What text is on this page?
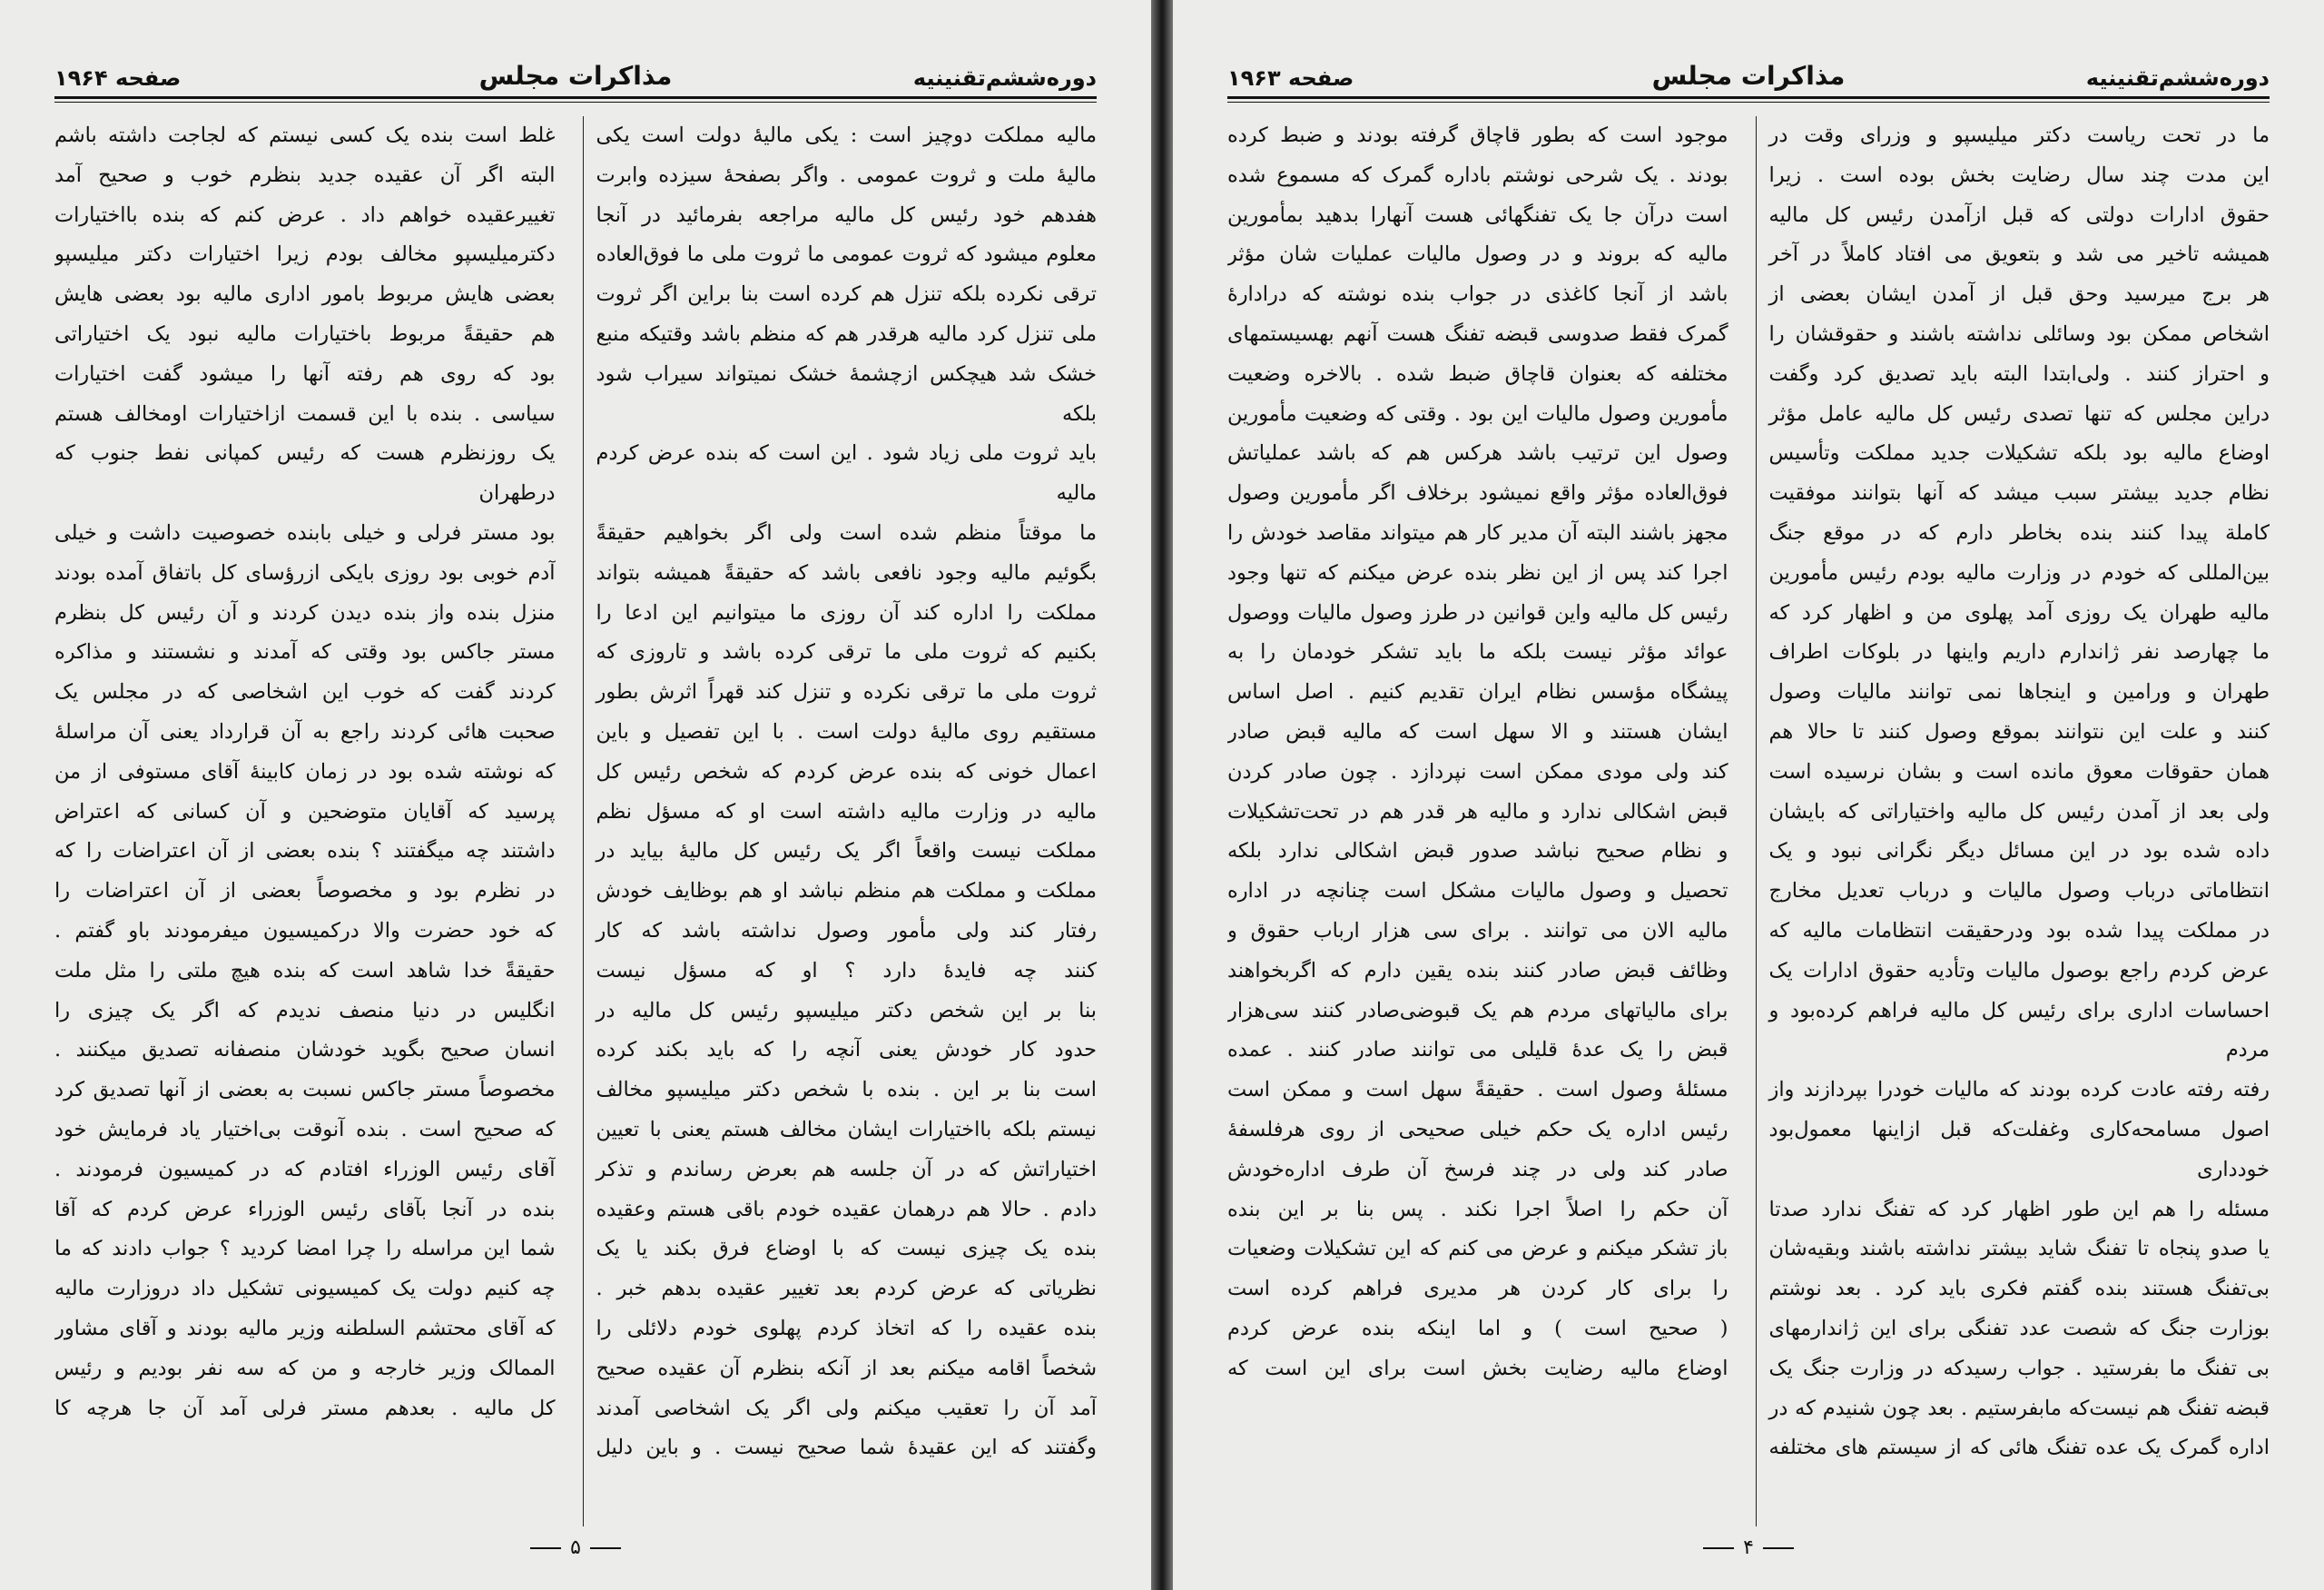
دوره‌ششم‌تقنینیه
مذاکرات مجلس
صفحه ۱۹۶۴

مالیه مملکت دوچیز است : یکی مالیهٔ دولت است یکی

مالیهٔ ملت و ثروت عمومی . واگر بصفحهٔ سیزده وابرت

هفدهم خود رئیس کل مالیه مراجعه بفرمائید در آنجا

معلوم میشود که ثروت عمومی ما ثروت ملی ما فوق‌العاده

ترقی نکرده بلکه تنزل هم کرده است بنا براین اگر ثروت

ملی تنزل کرد مالیه هرقدر هم که منظم باشد وقتیکه منبع

خشک شد هیچکس ازچشمهٔ خشک نمیتواند سیراب شود بلکه

باید ثروت ملی زیاد شود . این است که بنده عرض کردم مالیه

ما موقتاً منظم شده است ولی اگر بخواهیم حقیقةً

بگوئیم مالیه وجود نافعی باشد که حقیقةً همیشه بتواند

مملکت را اداره کند آن روزی ما میتوانیم این ادعا را

بکنیم که ثروت ملی ما ترقی کرده باشد و تاروزی که

ثروت ملی ما ترقی نکرده و تنزل کند قهراً اثرش بطور

مستقیم روی مالیهٔ دولت است . با این تفصیل و باین

اعمال خونی که بنده عرض کردم که شخص رئیس کل

مالیه در وزارت مالیه داشته است او که مسؤل نظم

مملکت نیست واقعاً اگر یک رئیس کل مالیهٔ بیاید در

مملکت و مملکت هم منظم نباشد او هم بوظایف خودش

رفتار کند ولی مأمور وصول نداشته باشد که کار

کنند چه فایدهٔ دارد ؟ او که مسؤل نیست

بنا بر این شخص دکتر میلیسپو رئیس کل مالیه در

حدود کار خودش یعنی آنچه را که باید بکند کرده

است بنا بر این . بنده با شخص دکتر میلیسپو مخالف

نیستم بلکه بااختیارات ایشان مخالف هستم یعنی با تعیین

اختیاراتش که در آن جلسه هم بعرض رساندم و تذکر

دادم . حالا هم درهمان عقیده خودم باقی هستم وعقیده

بنده یک چیزی نیست که با اوضاع فرق بکند یا یک

نظریاتی که عرض کردم بعد تغییر عقیده بدهم خبر .

بنده عقیده را که اتخاذ کردم پهلوی خودم دلائلی را

شخصاً اقامه میکنم بعد از آنکه بنظرم آن عقیده صحیح

آمد آن را تعقیب میکنم ولی اگر یک اشخاصی آمدند

وگفتند که این عقیدهٔ شما صحیح نیست . و باین دلیل

غلط است بنده یک کسی نیستم که لجاجت داشته باشم

البته اگر آن عقیده جدید بنظرم خوب و صحیح آمد

تغییرعقیده خواهم داد . عرض کنم که بنده بااختیارات

دکترمیلیسپو مخالف بودم زیرا اختیارات دکتر میلیسپو

بعضی هایش مربوط بامور اداری مالیه بود بعضی هایش

هم حقیقةً مربوط باختیارات مالیه نبود یک اختیاراتی

بود که روی هم رفته آنها را میشود گفت اختیارات

سیاسی . بنده با این قسمت ازاختیارات اومخالف هستم

یک روزنظرم هست که رئیس کمپانی نفط جنوب که درطهران

بود مستر فرلی و خیلی بابنده خصوصیت داشت و خیلی

آدم خوبی بود روزی بایکی ازرؤسای کل باتفاق آمده بودند

منزل بنده واز بنده دیدن کردند و آن رئیس کل بنظرم

مستر جاکس بود وقتی که آمدند و نشستند و مذاکره

کردند گفت که خوب این اشخاصی که در مجلس یک

صحبت هائی کردند راجع به آن قرارداد یعنی آن مراسلهٔ

که نوشته شده بود در زمان کابینهٔ آقای مستوفی از من

پرسید که آقایان متوضحین و آن کسانی که اعتراض

داشتند چه میگفتند ؟ بنده بعضی از آن اعتراضات را که

در نظرم بود و مخصوصاً بعضی از آن اعتراضات را

که خود حضرت والا درکمیسیون میفرمودند باو گفتم .

حقیقةً خدا شاهد است که بنده هیچ ملتی را مثل ملت

انگلیس در دنیا منصف ندیدم که اگر یک چیزی را

انسان صحیح بگوید خودشان منصفانه تصدیق میکنند .

مخصوصاً مستر جاکس نسبت به بعضی از آنها تصدیق کرد

که صحیح است . بنده آنوقت بی‌اختیار یاد فرمایش خود

آقای رئیس الوزراء افتادم که در کمیسیون فرمودند .

بنده در آنجا بآقای رئیس الوزراء عرض کردم که آقا

شما این مراسله را چرا امضا کردید ؟ جواب دادند که ما

چه کنیم دولت یک کمیسیونی تشکیل داد دروزارت مالیه

که آقای محتشم السلطنه وزیر مالیه بودند و آقای مشاور

الممالک وزیر خارجه و من که سه نفر بودیم و رئیس

کل مالیه . بعدهم مستر فرلی آمد آن جا هرچه کا

۵
دوره‌ششم‌تقنینیه
مذاکرات مجلس
صفحه ۱۹۶۳

ما در تحت ریاست دکتر میلیسپو و وزرای وقت در

این مدت چند سال رضایت بخش بوده است . زیرا

حقوق ادارات دولتی که قبل ازآمدن رئیس کل مالیه

همیشه تاخیر می شد و بتعویق می افتاد کاملاً در آخر

هر برج میرسید وحق قبل از آمدن ایشان بعضی از

اشخاص ممکن بود وسائلی نداشته باشند و حقوقشان را

و احتراز کنند . ولی‌ابتدا البته باید تصدیق کرد وگفت

دراین مجلس که تنها تصدی رئیس کل مالیه عامل مؤثر

اوضاع مالیه بود بلکه تشکیلات جدید مملکت وتأسیس

نظام جدید بیشتر سبب میشد که آنها بتوانند موفقیت

کاملة پیدا کنند بنده بخاطر دارم که در موقع جنگ

بین‌المللی که خودم در وزارت مالیه بودم رئیس مأمورین

مالیه طهران یک روزی آمد پهلوی من و اظهار کرد که

ما چهارصد نفر ژاندارم داریم واینها در بلوکات اطراف

طهران و ورامین و اینجاها نمی توانند مالیات وصول

کنند و علت این نتوانند بموقع وصول کنند تا حالا هم

همان حقوقات معوق مانده است و بشان نرسیده است

ولی بعد از آمدن رئیس کل مالیه واختیاراتی که بایشان

داده شده بود در این مسائل دیگر نگرانی نبود و یک

انتظاماتی درباب وصول مالیات و درباب تعدیل مخارج

در مملکت پیدا شده بود ودرحقیقت انتظامات مالیه که

عرض کردم راجع بوصول مالیات وتأدیه حقوق ادارات یک

احساسات اداری برای رئیس کل مالیه فراهم کرده‌بود و مردم

رفته رفته عادت کرده بودند که مالیات خودرا بپردازند واز

اصول مسامحه‌کاری وغفلت‌که قبل ازاینها معمول‌بود خودداری

مسئله را هم این طور اظهار کرد که تفنگ ندارد صدتا

یا صدو پنجاه تا تفنگ شاید بیشتر نداشته باشند وبقیه‌شان

بی‌تفنگ هستند بنده گفتم فکری باید کرد . بعد نوشتم

بوزارت جنگ که شصت عدد تفنگی برای این ژاندارمهای

بی تفنگ ما بفرستید . جواب رسیدکه در وزارت جنگ یک

قبضه تفنگ هم نیست‌که مابفرستیم . بعد چون شنیدم که در

اداره گمرک یک عده تفنگ هائی که از سیستم های مختلفه

موجود است که بطور قاچاق گرفته بودند و ضبط کرده

بودند . یک شرحی نوشتم باداره گمرک که مسموع شده

است درآن جا یک تفنگهائی هست آنهارا بدهید بمأمورین

مالیه که بروند و در وصول مالیات عملیات شان مؤثر

باشد از آنجا کاغذی در جواب بنده نوشته که درادارهٔ

گمرک فقط صدوسی قبضه تفنگ هست آنهم بهسیستمهای

مختلفه که بعنوان قاچاق ضبط شده . بالاخره وضعیت

مأمورین وصول مالیات این بود . وقتی که وضعیت مأمورین

وصول این ترتیب باشد هرکس هم که باشد عملیاتش

فوق‌العاده مؤثر واقع نمیشود برخلاف اگر مأمورین وصول

مجهز باشند البته آن مدیر کار هم میتواند مقاصد خودش را

اجرا کند پس از این نظر بنده عرض میکنم که تنها وجود

رئیس کل مالیه واین قوانین در طرز وصول مالیات ووصول

عوائد مؤثر نیست بلکه ما باید تشکر خودمان را به

پیشگاه مؤسس نظام ایران تقدیم کنیم . اصل اساس

ایشان هستند و الا سهل است که مالیه قبض صادر

کند ولی مودی ممکن است نپردازد . چون صادر کردن

قبض اشکالی ندارد و مالیه هر قدر هم در تحت‌تشکیلات

و نظام صحیح نباشد صدور قبض اشکالی ندارد بلکه

تحصیل و وصول مالیات مشکل است چنانچه در اداره

مالیه الان می توانند . برای سی هزار ارباب حقوق و

وظائف قبض صادر کنند بنده یقین دارم که اگربخواهند

برای مالیاتهای مردم هم یک قبوضی‌صادر کنند سی‌هزار

قبض را یک عدهٔ قلیلی می توانند صادر کنند . عمده

مسئلهٔ وصول است . حقیقةً سهل است و ممکن است

رئیس اداره یک حکم خیلی صحیحی از روی هرفلسفهٔ

صادر کند ولی در چند فرسخ آن طرف اداره‌خودش

آن حکم را اصلاً اجرا نکند . پس بنا بر این بنده

باز تشکر میکنم و عرض می کنم که این تشکیلات وضعیات

را برای کار کردن هر مدیری فراهم کرده است

( صحیح است ) و اما اینکه بنده عرض کردم

اوضاع مالیه رضایت بخش است برای این است که

۴
